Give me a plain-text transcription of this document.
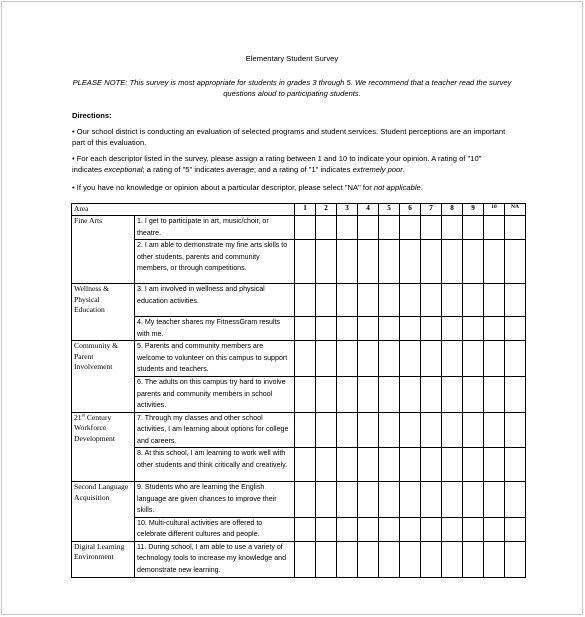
Elementary Student Survey
PLEASE NOTE: This survey is most appropriate for students in grades 3 through 5. We recommend that a teacher read the survey questions aloud to participating students.
Directions:
• Our school district is conducting an evaluation of selected programs and student services. Student perceptions are an important part of this evaluation.
• For each descriptor listed in the survey, please assign a rating between 1 and 10 to indicate your opinion. A rating of "10" indicates exceptional; a rating of "5" indicates average; and a rating of "1" indicates extremely poor.
• If you have no knowledge or opinion about a particular descriptor, please select "NA" for not applicable.
Area		1	2	3	4	5	6	7	8	9	10	NA
Fine Arts	1. I get to participate in art, music/choir, or theatre.											
	2. I am able to demonstrate my fine arts skills to other students, parents and community members, or through competitions.											
Wellness & Physical Education	3. I am involved in wellness and physical education activities.											
	4. My teacher shares my FitnessGram results with me.											
Community & Parent Involvement	5. Parents and community members are welcome to volunteer on this campus to support students and teachers.											
	6. The adults on this campus try hard to involve parents and community members in school activities.											
21st Century Workforce Development	7. Through my classes and other school activities, I am learning about options for college and careers.											
	8. At this school, I am learning to work well with other students and think critically and creatively.											
Second Language Acquisition	9. Students who are learning the English language are given chances to improve their skills.											
	10. Multi-cultural activities are offered to celebrate different cultures and people.											
Digital Learning Environment	11. During school, I am able to use a variety of technology tools to increase my knowledge and demonstrate new learning.											
